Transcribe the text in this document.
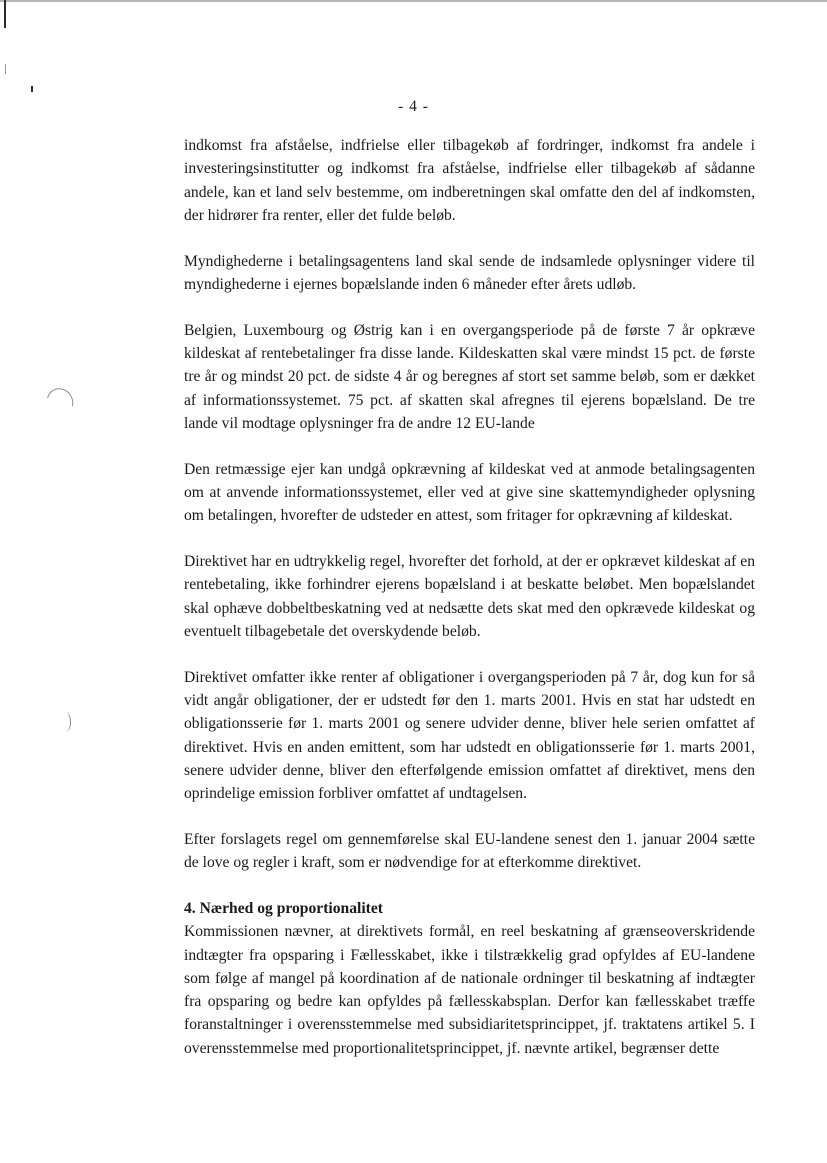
- 4 -

indkomst fra afståelse, indfrielse eller tilbagekøb af fordringer, indkomst fra andele i investeringsinstitutter og indkomst fra afståelse, indfrielse eller tilbagekøb af sådanne andele, kan et land selv bestemme, om indberetningen skal omfatte den del af indkomsten, der hidrører fra renter, eller det fulde beløb.

Myndighederne i betalingsagentens land skal sende de indsamlede oplysninger videre til myndighederne i ejernes bopælslande inden 6 måneder efter årets udløb.

Belgien, Luxembourg og Østrig kan i en overgangsperiode på de første 7 år opkræve kildeskat af rentebetalinger fra disse lande. Kildeskatten skal være mindst 15 pct. de første tre år og mindst 20 pct. de sidste 4 år og beregnes af stort set samme beløb, som er dækket af informationssystemet. 75 pct. af skatten skal afregnes til ejerens bopælsland. De tre lande vil modtage oplysninger fra de andre 12 EU-lande

Den retmæssige ejer kan undgå opkrævning af kildeskat ved at anmode betalingsagenten om at anvende informationssystemet, eller ved at give sine skattemyndigheder oplysning om betalingen, hvorefter de udsteder en attest, som fritager for opkrævning af kildeskat.

Direktivet har en udtrykkelig regel, hvorefter det forhold, at der er opkrævet kildeskat af en rentebetaling, ikke forhindrer ejerens bopælsland i at beskatte beløbet. Men bopælslandet skal ophæve dobbeltbeskatning ved at nedsætte dets skat med den opkrævede kildeskat og eventuelt tilbagebetale det overskydende beløb.

Direktivet omfatter ikke renter af obligationer i overgangsperioden på 7 år, dog kun for så vidt angår obligationer, der er udstedt før den 1. marts 2001. Hvis en stat har udstedt en obligationsserie før 1. marts 2001 og senere udvider denne, bliver hele serien omfattet af direktivet. Hvis en anden emittent, som har udstedt en obligationsserie før 1. marts 2001, senere udvider denne, bliver den efterfølgende emission omfattet af direktivet, mens den oprindelige emission forbliver omfattet af undtagelsen.

Efter forslagets regel om gennemførelse skal EU-landene senest den 1. januar 2004 sætte de love og regler i kraft, som er nødvendige for at efterkomme direktivet.

4. Nærhed og proportionalitet

Kommissionen nævner, at direktivets formål, en reel beskatning af grænseoverskridende indtægter fra opsparing i Fællesskabet, ikke i tilstrækkelig grad opfyldes af EU-landene som følge af mangel på koordination af de nationale ordninger til beskatning af indtægter fra opsparing og bedre kan opfyldes på fællesskabsplan. Derfor kan fællesskabet træffe foranstaltninger i overensstemmelse med subsidiaritetsprincippet, jf. traktatens artikel 5. I overensstemmelse med proportionalitetsprincippet, jf. nævnte artikel, begrænser dette
